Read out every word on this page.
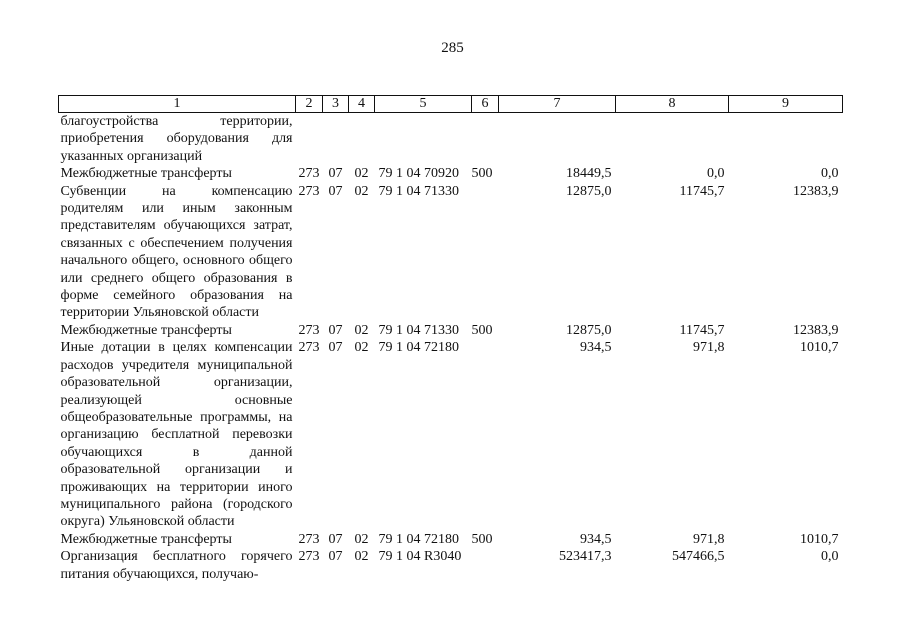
285
1	2	3	4	5	6	7	8	9
благоустройства территории, приобретения оборудования для указанных организаций								
Межбюджетные трансферты	273	07	02	79 1 04 70920	500	18449,5	0,0	0,0
Субвенции на компенсацию родителям или иным законным представителям обучающихся затрат, связанных с обеспечением получения начального общего, основного общего или среднего общего образования в форме семейного образования на территории Ульяновской области	273	07	02	79 1 04 71330		12875,0	11745,7	12383,9
Межбюджетные трансферты	273	07	02	79 1 04 71330	500	12875,0	11745,7	12383,9
Иные дотации в целях компенсации расходов учредителя муниципальной образовательной организации, реализующей основные общеобразовательные программы, на организацию бесплатной перевозки обучающихся в данной образовательной организации и проживающих на территории иного муниципального района (городского округа) Ульяновской области	273	07	02	79 1 04 72180		934,5	971,8	1010,7
Межбюджетные трансферты	273	07	02	79 1 04 72180	500	934,5	971,8	1010,7
Организация бесплатного горячего питания обучающихся, получаю-	273	07	02	79 1 04 R3040		523417,3	547466,5	0,0
